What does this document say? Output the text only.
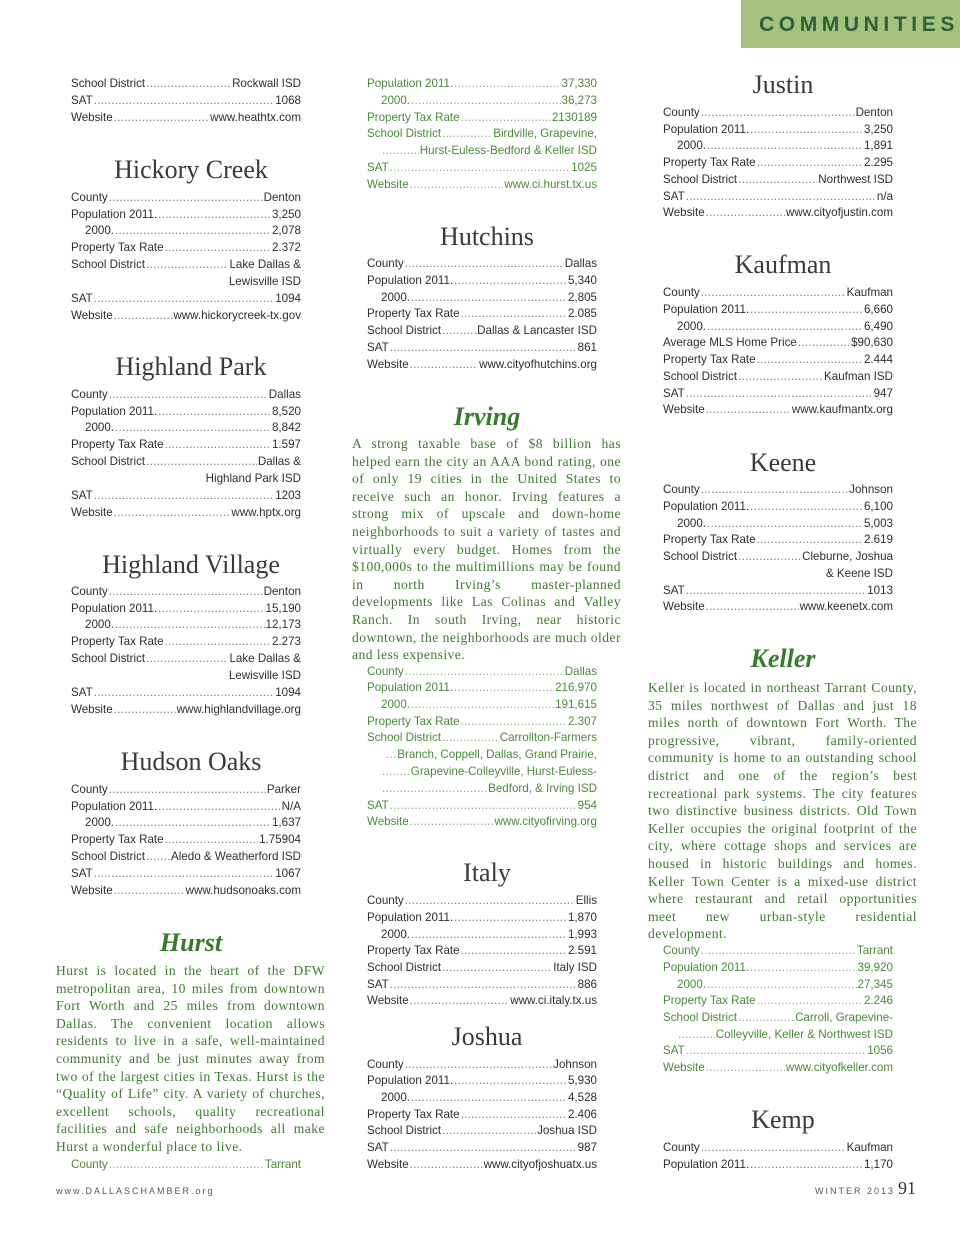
COMMUNITIES
School District .....	Rockwall ISD
SAT .....	1068
Website .....	www.heathtx.com
Hickory Creek
County .....	Denton
Population 2011. .....	3,250
2000. .....	2,078
Property Tax Rate .....	2.372
School District .....	Lake Dallas &
Lewisville ISD
SAT .....	1094
Website .....	www.hickorycreek-tx.gov
Highland Park
County .....	Dallas
Population 2011. .....	8,520
2000. .....	8,842
Property Tax Rate .....	1.597
School District .....	Dallas &
Highland Park ISD
SAT .....	1203
Website .....	www.hptx.org
Highland Village
County .....	Denton
Population 2011. .....	15,190
2000. .....	12,173
Property Tax Rate .....	2.273
School District .....	Lake Dallas &
Lewisville ISD
SAT .....	1094
Website .....	www.highlandvillage.org
Hudson Oaks
County .....	Parker
Population 2011. .....	N/A
2000. .....	1,637
Property Tax Rate .....	1.75904
School District ..... Aledo & Weatherford ISD
SAT .....	1067
Website .....	www.hudsonoaks.com
Hurst
Hurst is located in the heart of the DFW metropolitan area, 10 miles from downtown Fort Worth and 25 miles from downtown Dallas. The convenient location allows residents to live in a safe, well-maintained community and be just minutes away from two of the largest cities in Texas. Hurst is the “Quality of Life” city. A variety of churches, excellent schools, quality recreational facilities and safe neighborhoods all make Hurst a wonderful place to live.
County .....	Tarrant
Population 2011. .....	37,330
2000. .....	36,273
Property Tax Rate .....	2130189
School District .....	Birdville, Grapevine,
.....
Hurst-Euless-Bedford & Keller ISD
SAT .....	1025
Website .....	www.ci.hurst.tx.us
Hutchins
County .....	Dallas
Population 2011. .....	5,340
2000. .....	2,805
Property Tax Rate .....	2.085
School District .....	Dallas & Lancaster ISD
SAT .....	861
Website .....	www.cityofhutchins.org
Irving
A strong taxable base of $8 billion has helped earn the city an AAA bond rating, one of only 19 cities in the United States to receive such an honor. Irving features a strong mix of upscale and down-home neighborhoods to suit a variety of tastes and virtually every budget. Homes from the $100,000s to the multimillions may be found in north Irving’s master-planned developments like Las Colinas and Valley Ranch. In south Irving, near historic downtown, the neighborhoods are much older and less expensive.
County .....	Dallas
Population 2011. .....	216,970
2000. .....	191,615
Property Tax Rate .....	2.307
School District .....	Carrollton-Farmers
.....
Branch, Coppell, Dallas, Grand Prairie,
.....
Grapevine-Colleyville, Hurst-Euless-
.....
Bedford, & Irving ISD
SAT .....	954
Website .....	www.cityofirving.org
Italy
County .....	Ellis
Population 2011. .....	1,870
2000. .....	1,993
Property Tax Rate .....	2.591
School District .....	Italy ISD
SAT .....	886
Website .....	www.ci.italy.tx.us
Joshua
County .....	Johnson
Population 2011. .....	5,930
2000. .....	4,528
Property Tax Rate .....	2.406
School District .....	Joshua ISD
SAT .....	987
Website .....	www.cityofjoshuatx.us
Justin
County .....	Denton
Population 2011. .....	3,250
2000. .....	1,891
Property Tax Rate .....	2.295
School District .....	Northwest ISD
SAT .....	n/a
Website .....	www.cityofjustin.com
Kaufman
County .....	Kaufman
Population 2011. .....	6,660
2000. .....	6,490
Average MLS Home Price .....	$90,630
Property Tax Rate .....	2.444
School District .....	Kaufman ISD
SAT .....	947
Website .....	www.kaufmantx.org
Keene
County .....	Johnson
Population 2011. .....	6,100
2000. .....	5,003
Property Tax Rate .....	2.619
School District .....	Cleburne, Joshua
& Keene ISD
SAT .....	1013
Website .....	www.keenetx.com
Keller
Keller is located in northeast Tarrant County, 35 miles northwest of Dallas and just 18 miles north of downtown Fort Worth. The progressive, vibrant, family-oriented community is home to an outstanding school district and one of the region’s best recreational park systems. The city features two distinctive business districts. Old Town Keller occupies the original footprint of the city, where cottage shops and services are housed in historic buildings and homes. Keller Town Center is a mixed-use district where restaurant and retail opportunities meet new urban-style residential development.
County .....	Tarrant
Population 2011. .....	39,920
2000. .....	27,345
Property Tax Rate .....	2.246
School District .....	Carroll, Grapevine-
.....
Colleyville, Keller & Northwest ISD
SAT .....	1056
Website .....	www.cityofkeller.com
Kemp
County .....	Kaufman
Population 2011. .....	1,170
www.DALLASCHAMBER.org	WINTER 2013 91
